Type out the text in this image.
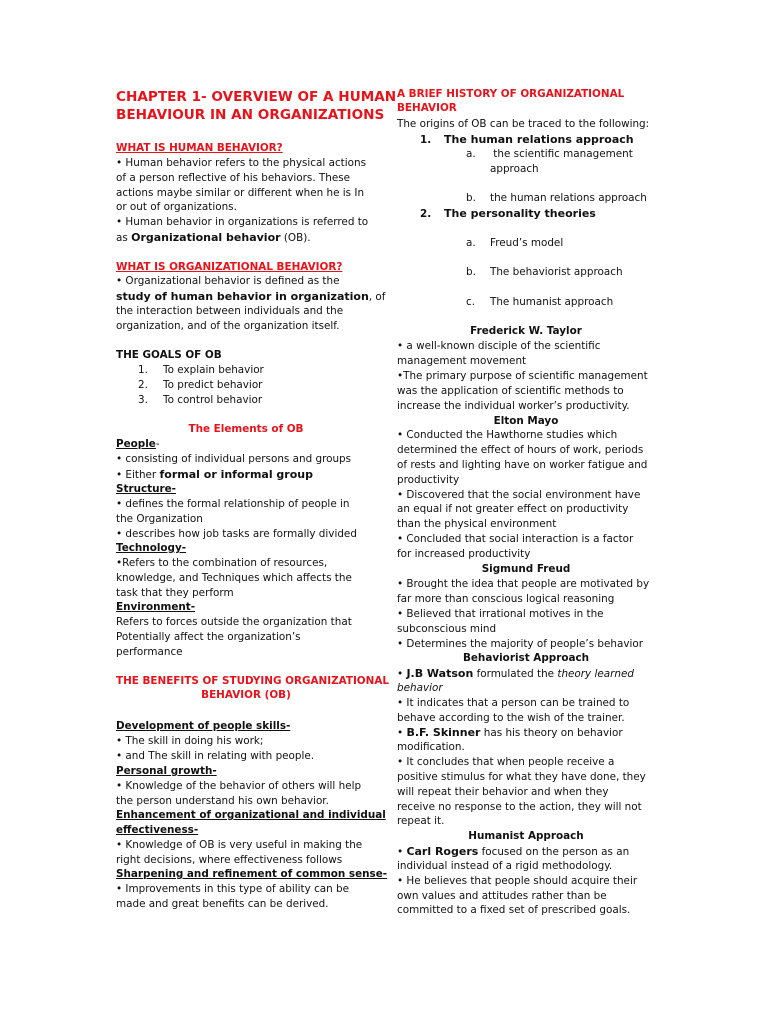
CHAPTER 1- OVERVIEW OF A HUMAN
BEHAVIOUR IN AN ORGANIZATIONS
WHAT IS HUMAN BEHAVIOR?
• Human behavior refers to the physical actions
of a person reflective of his behaviors. These
actions maybe similar or different when he is In
or out of organizations.
• Human behavior in organizations is referred to
as Organizational behavior (OB).
WHAT IS ORGANIZATIONAL BEHAVIOR?
• Organizational behavior is defined as the
study of human behavior in organization, of
the interaction between individuals and the
organization, and of the organization itself.
THE GOALS OF OB
1. To explain behavior
2. To predict behavior
3. To control behavior
The Elements of OB
People-
• consisting of individual persons and groups
• Either formal or informal group
Structure-
• defines the formal relationship of people in
the Organization
• describes how job tasks are formally divided
Technology-
•Refers to the combination of resources,
knowledge, and Techniques which affects the
task that they perform
Environment-
Refers to forces outside the organization that
Potentially affect the organization’s
performance
THE BENEFITS OF STUDYING ORGANIZATIONAL
BEHAVIOR (OB)
Development of people skills-
• The skill in doing his work;
• and The skill in relating with people.
Personal growth-
• Knowledge of the behavior of others will help
the person understand his own behavior.
Enhancement of organizational and individual
effectiveness-
• Knowledge of OB is very useful in making the
right decisions, where effectiveness follows
Sharpening and refinement of common sense-
• Improvements in this type of ability can be
made and great benefits can be derived.
A BRIEF HISTORY OF ORGANIZATIONAL
BEHAVIOR
The origins of OB can be traced to the following:
1. The human relations approach
a. the scientific management
approach
b. the human relations approach
2. The personality theories
a. Freud’s model
b. The behaviorist approach
c. The humanist approach
Frederick W. Taylor
• a well-known disciple of the scientific
management movement
•The primary purpose of scientific management
was the application of scientific methods to
increase the individual worker’s productivity.
Elton Mayo
• Conducted the Hawthorne studies which
determined the effect of hours of work, periods
of rests and lighting have on worker fatigue and
productivity
• Discovered that the social environment have
an equal if not greater effect on productivity
than the physical environment
• Concluded that social interaction is a factor
for increased productivity
Sigmund Freud
• Brought the idea that people are motivated by
far more than conscious logical reasoning
• Believed that irrational motives in the
subconscious mind
• Determines the majority of people’s behavior
Behaviorist Approach
• J.B Watson formulated the theory learned
behavior
• It indicates that a person can be trained to
behave according to the wish of the trainer.
• B.F. Skinner has his theory on behavior
modification.
• It concludes that when people receive a
positive stimulus for what they have done, they
will repeat their behavior and when they
receive no response to the action, they will not
repeat it.
Humanist Approach
• Carl Rogers focused on the person as an
individual instead of a rigid methodology.
• He believes that people should acquire their
own values and attitudes rather than be
committed to a fixed set of prescribed goals.
